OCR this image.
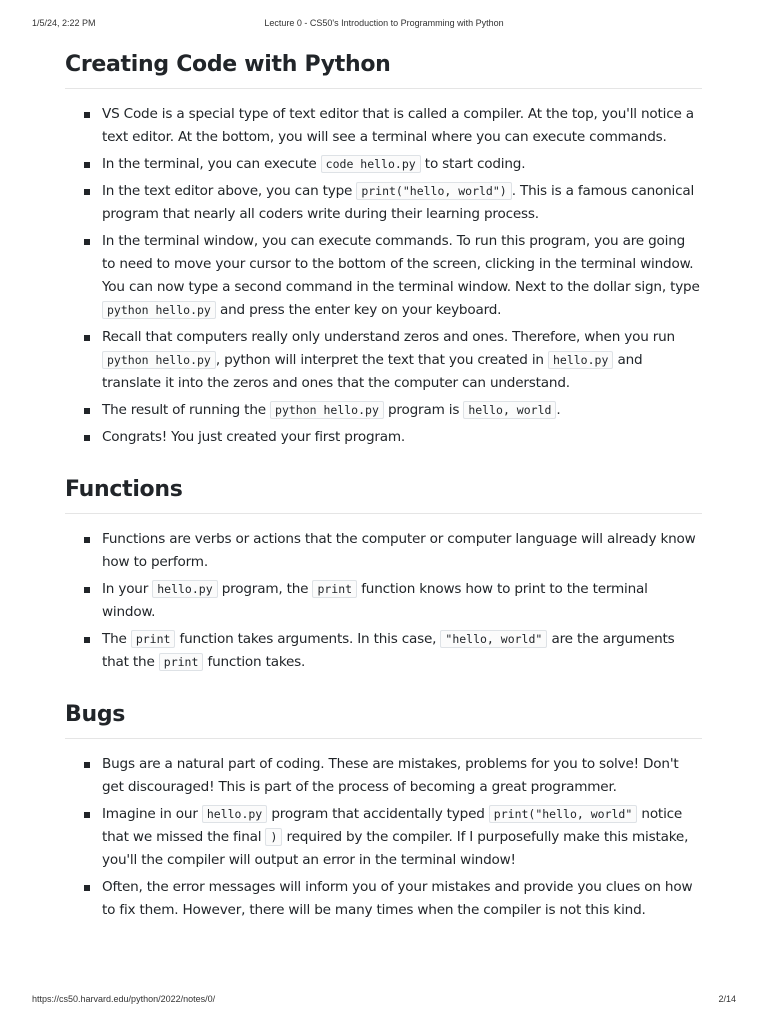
1/5/24, 2:22 PM	Lecture 0 - CS50's Introduction to Programming with Python
Creating Code with Python
VS Code is a special type of text editor that is called a compiler. At the top, you'll notice a text editor. At the bottom, you will see a terminal where you can execute commands.
In the terminal, you can execute code hello.py to start coding.
In the text editor above, you can type print("hello, world") . This is a famous canonical program that nearly all coders write during their learning process.
In the terminal window, you can execute commands. To run this program, you are going to need to move your cursor to the bottom of the screen, clicking in the terminal window. You can now type a second command in the terminal window. Next to the dollar sign, type python hello.py and press the enter key on your keyboard.
Recall that computers really only understand zeros and ones. Therefore, when you run python hello.py , python will interpret the text that you created in hello.py and translate it into the zeros and ones that the computer can understand.
The result of running the python hello.py program is hello, world .
Congrats! You just created your first program.
Functions
Functions are verbs or actions that the computer or computer language will already know how to perform.
In your hello.py program, the print function knows how to print to the terminal window.
The print function takes arguments. In this case, "hello, world" are the arguments that the print function takes.
Bugs
Bugs are a natural part of coding. These are mistakes, problems for you to solve! Don't get discouraged! This is part of the process of becoming a great programmer.
Imagine in our hello.py program that accidentally typed print("hello, world" notice that we missed the final ) required by the compiler. If I purposefully make this mistake, you'll the compiler will output an error in the terminal window!
Often, the error messages will inform you of your mistakes and provide you clues on how to fix them. However, there will be many times when the compiler is not this kind.
https://cs50.harvard.edu/python/2022/notes/0/	2/14
